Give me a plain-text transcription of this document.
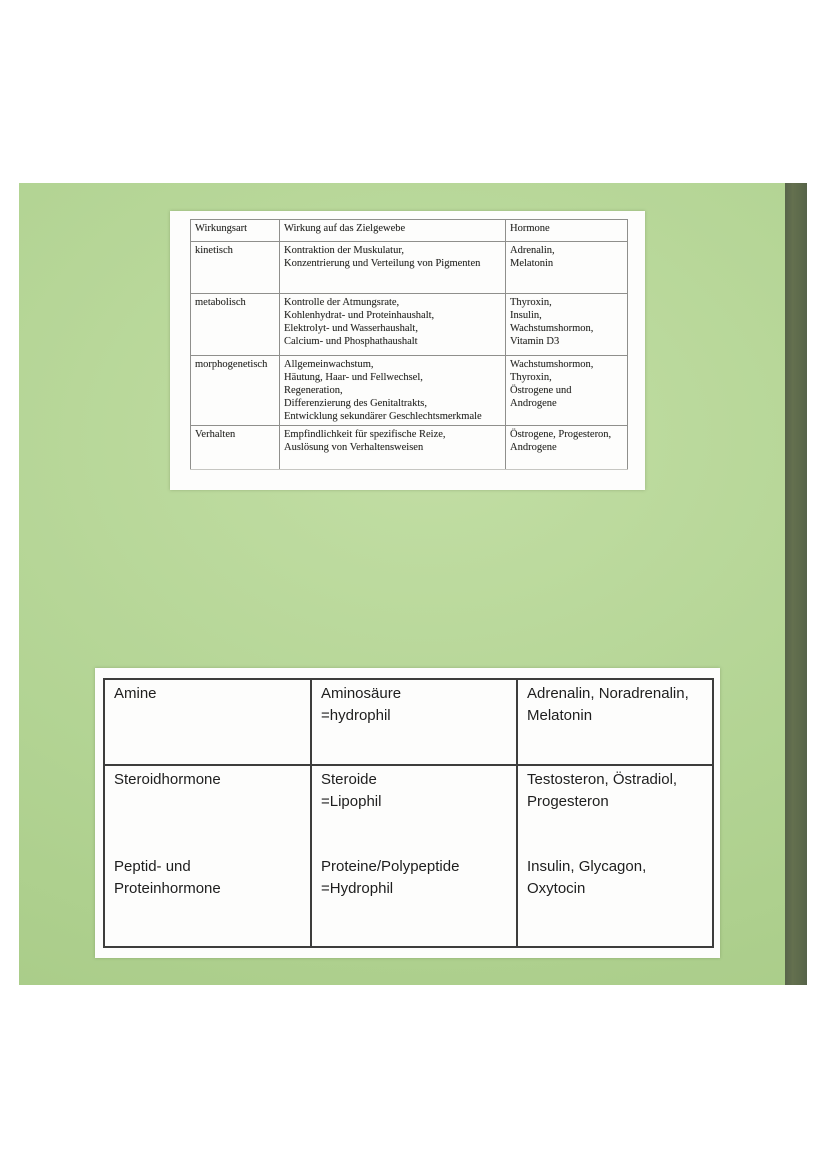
Wirkungsart	Wirkung auf das Zielgewebe	Hormone

kinetisch	Kontraktion der Muskulatur,
Konzentrierung und Verteilung von Pigmenten	Adrenalin,
Melatonin

metabolisch	Kontrolle der Atmungsrate,
Kohlenhydrat- und Proteinhaushalt,
Elektrolyt- und Wasserhaushalt,
Calcium- und Phosphathaushalt	Thyroxin,
Insulin,
Wachstumshormon,
Vitamin D3

morphogenetisch	Allgemeinwachstum,
Häutung, Haar- und Fellwechsel,
Regeneration,
Differenzierung des Genitaltrakts,
Entwicklung sekundärer Geschlechtsmerkmale	Wachstumshormon,
Thyroxin,
Östrogene und
Androgene

Verhalten	Empfindlichkeit für spezifische Reize,
Auslösung von Verhaltensweisen	Östrogene, Progesteron,
Androgene
Amine	Aminosäure
=hydrophil	Adrenalin, Noradrenalin,
Melatonin

Steroidhormone	Steroide
=Lipophil	Testosteron, Östradiol,
Progesteron

Peptid- und
Proteinhormone	Proteine/Polypeptide
=Hydrophil	Insulin, Glycagon,
Oxytocin
